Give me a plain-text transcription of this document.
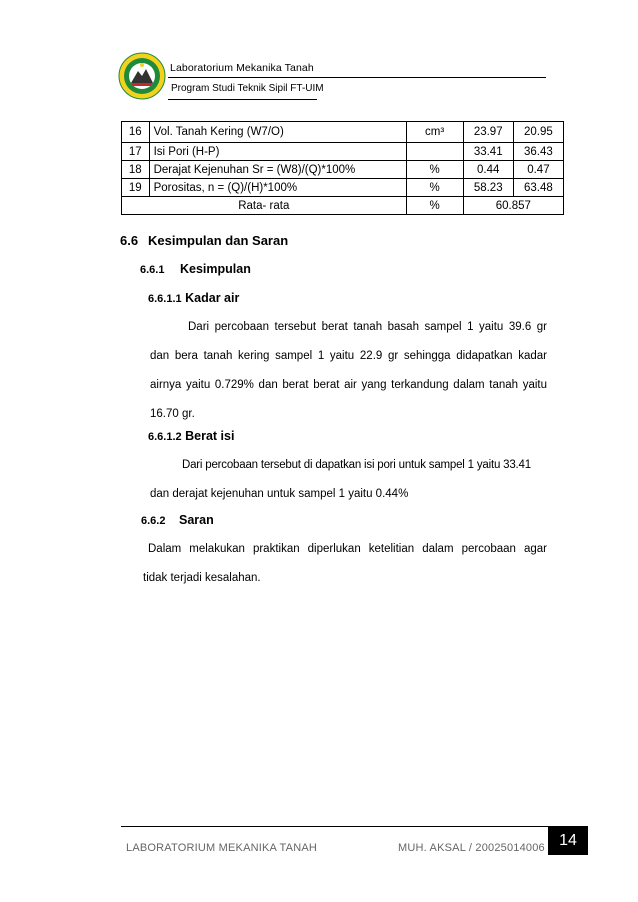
Laboratorium Mekanika Tanah
Program Studi Teknik Sipil FT-UIM
16	Vol. Tanah Kering (W7/O)	cm³	23.97	20.95
17	Isi Pori (H-P)		33.41	36.43
18	Derajat Kejenuhan Sr = (W8)/(Q)*100%	%	0.44	0.47
19	Porositas, n = (Q)/(H)*100%	%	58.23	63.48
Rata- rata		%	60.857	
6.6 Kesimpulan dan Saran
6.6.1 Kesimpulan
6.6.1.1 Kadar air
Dari percobaan tersebut berat tanah basah sampel 1 yaitu 39.6 gr
dan bera tanah kering sampel 1 yaitu 22.9 gr sehingga didapatkan kadar
airnya yaitu 0.729% dan berat berat air yang terkandung dalam tanah yaitu
16.70 gr.
6.6.1.2 Berat isi
Dari percobaan tersebut di dapatkan isi pori untuk sampel 1 yaitu 33.41
dan derajat kejenuhan untuk sampel 1 yaitu 0.44%
6.6.2 Saran
Dalam melakukan praktikan diperlukan ketelitian dalam percobaan agar
tidak terjadi kesalahan.
LABORATORIUM MEKANIKA TANAH	MUH. AKSAL / 20025014006 14
